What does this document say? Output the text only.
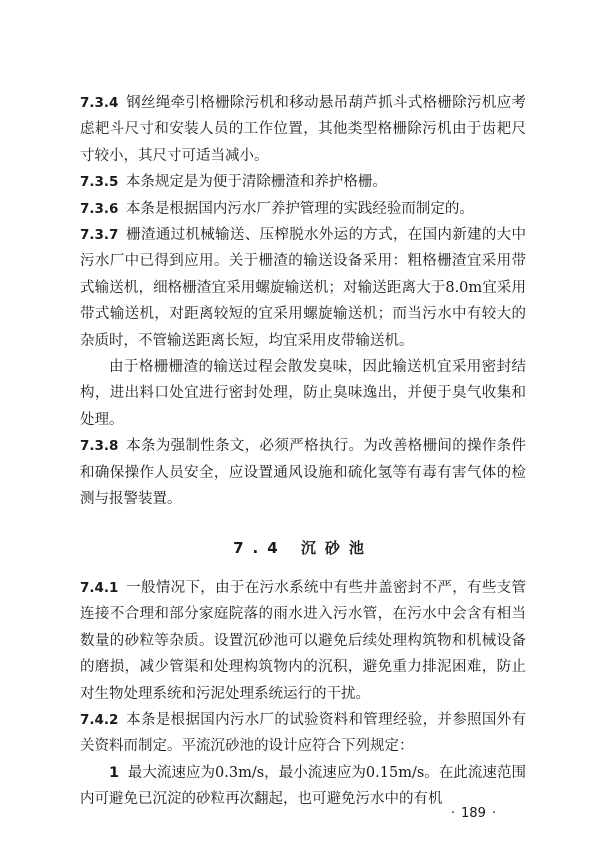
7.3.4 钢丝绳牵引格栅除污机和移动悬吊葫芦抓斗式格栅除污机应考虑耙斗尺寸和安装人员的工作位置，其他类型格栅除污机由于齿耙尺寸较小，其尺寸可适当减小。

7.3.5 本条规定是为便于清除栅渣和养护格栅。

7.3.6 本条是根据国内污水厂养护管理的实践经验而制定的。

7.3.7 栅渣通过机械输送、压榨脱水外运的方式，在国内新建的大中污水厂中已得到应用。关于栅渣的输送设备采用：粗格栅渣宜采用带式输送机，细格栅渣宜采用螺旋输送机；对输送距离大于8.0m宜采用带式输送机，对距离较短的宜采用螺旋输送机；而当污水中有较大的杂质时，不管输送距离长短，均宜采用皮带输送机。

由于格栅栅渣的输送过程会散发臭味，因此输送机宜采用密封结构，进出料口处宜进行密封处理，防止臭味逸出，并便于臭气收集和处理。

7.3.8 本条为强制性条文，必须严格执行。为改善格栅间的操作条件和确保操作人员安全，应设置通风设施和硫化氢等有毒有害气体的检测与报警装置。

7.4 沉砂池

7.4.1 一般情况下，由于在污水系统中有些井盖密封不严，有些支管连接不合理和部分家庭院落的雨水进入污水管，在污水中会含有相当数量的砂粒等杂质。设置沉砂池可以避免后续处理构筑物和机械设备的磨损，减少管渠和处理构筑物内的沉积，避免重力排泥困难，防止对生物处理系统和污泥处理系统运行的干扰。

7.4.2 本条是根据国内污水厂的试验资料和管理经验，并参照国外有关资料而制定。平流沉砂池的设计应符合下列规定：

1 最大流速应为0.3m/s，最小流速应为0.15m/s。在此流速范围内可避免已沉淀的砂粒再次翻起，也可避免污水中的有机

· 189 ·
